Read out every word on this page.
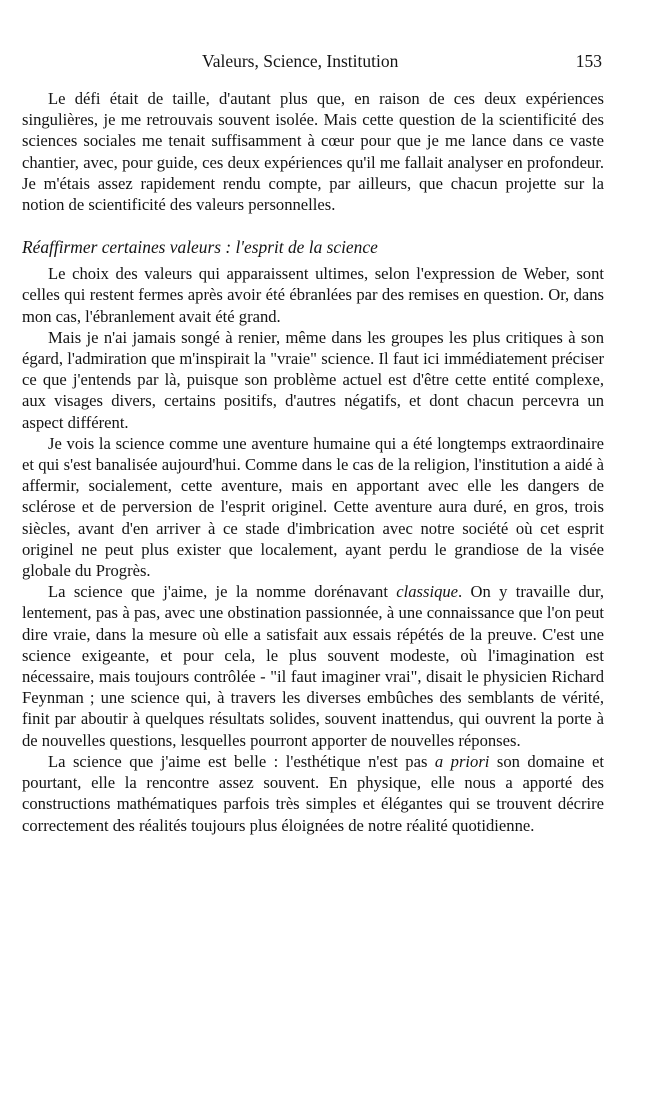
Valeurs, Science, Institution	153

Le défi était de taille, d'autant plus que, en raison de ces deux expériences singulières, je me retrouvais souvent isolée. Mais cette question de la scientificité des sciences sociales me tenait suffisamment à cœur pour que je me lance dans ce vaste chantier, avec, pour guide, ces deux expériences qu'il me fallait analyser en profondeur. Je m'étais assez rapidement rendu compte, par ailleurs, que chacun projette sur la notion de scientificité des valeurs personnelles.

Réaffirmer certaines valeurs : l'esprit de la science

Le choix des valeurs qui apparaissent ultimes, selon l'expression de Weber, sont celles qui restent fermes après avoir été ébranlées par des remises en question. Or, dans mon cas, l'ébranlement avait été grand.

Mais je n'ai jamais songé à renier, même dans les groupes les plus critiques à son égard, l'admiration que m'inspirait la "vraie" science. Il faut ici immédiatement préciser ce que j'entends par là, puisque son problème actuel est d'être cette entité complexe, aux visages divers, certains positifs, d'autres négatifs, et dont chacun percevra un aspect différent.

Je vois la science comme une aventure humaine qui a été longtemps extraordinaire et qui s'est banalisée aujourd'hui. Comme dans le cas de la religion, l'institution a aidé à affermir, socialement, cette aventure, mais en apportant avec elle les dangers de sclérose et de perversion de l'esprit originel. Cette aventure aura duré, en gros, trois siècles, avant d'en arriver à ce stade d'imbrication avec notre société où cet esprit originel ne peut plus exister que localement, ayant perdu le grandiose de la visée globale du Progrès.

La science que j'aime, je la nomme dorénavant classique. On y travaille dur, lentement, pas à pas, avec une obstination passionnée, à une connaissance que l'on peut dire vraie, dans la mesure où elle a satisfait aux essais répétés de la preuve. C'est une science exigeante, et pour cela, le plus souvent modeste, où l'imagination est nécessaire, mais toujours contrôlée - "il faut imaginer vrai", disait le physicien Richard Feynman ; une science qui, à travers les diverses embûches des semblants de vérité, finit par aboutir à quelques résultats solides, souvent inattendus, qui ouvrent la porte à de nouvelles questions, lesquelles pourront apporter de nouvelles réponses.

La science que j'aime est belle : l'esthétique n'est pas a priori son domaine et pourtant, elle la rencontre assez souvent. En physique, elle nous a apporté des constructions mathématiques parfois très simples et élégantes qui se trouvent décrire correctement des réalités toujours plus éloignées de notre réalité quotidienne.
